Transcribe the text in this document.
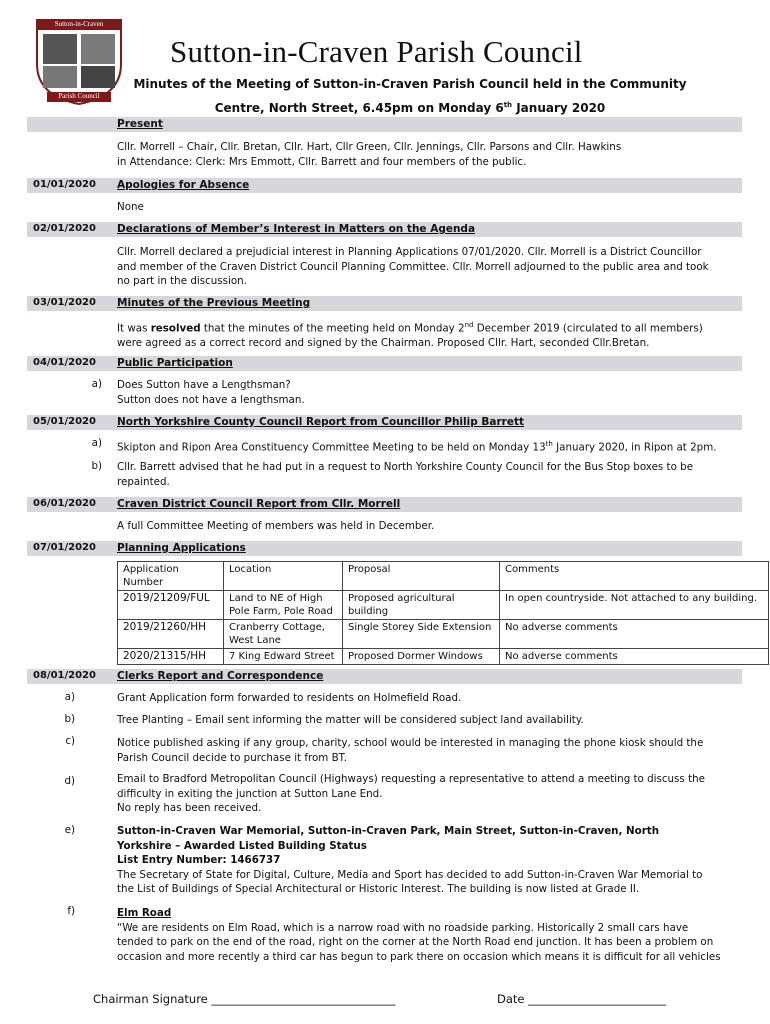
Sutton-in-Craven
Parish Council
Sutton-in-Craven Parish Council
Minutes of the Meeting of Sutton-in-Craven Parish Council held in the Community
Centre, North Street, 6.45pm on Monday 6th January 2020
Present
Cllr. Morrell – Chair, Cllr. Bretan, Cllr. Hart, Cllr Green, Cllr. Jennings, Cllr. Parsons and Cllr. Hawkins
in Attendance: Clerk: Mrs Emmott, Cllr. Barrett and four members of the public.
01/01/2020 Apologies for Absence
None
02/01/2020 Declarations of Member’s Interest in Matters on the Agenda
Cllr. Morrell declared a prejudicial interest in Planning Applications 07/01/2020. Cllr. Morrell is a District Councillor
and member of the Craven District Council Planning Committee. Cllr. Morrell adjourned to the public area and took
no part in the discussion.
03/01/2020 Minutes of the Previous Meeting
It was resolved that the minutes of the meeting held on Monday 2nd December 2019 (circulated to all members)
were agreed as a correct record and signed by the Chairman. Proposed Cllr. Hart, seconded Cllr.Bretan.
04/01/2020 Public Participation
a) Does Sutton have a Lengthsman?
Sutton does not have a lengthsman.
05/01/2020 North Yorkshire County Council Report from Councillor Philip Barrett
a) Skipton and Ripon Area Constituency Committee Meeting to be held on Monday 13th January 2020, in Ripon at 2pm.
b) Cllr. Barrett advised that he had put in a request to North Yorkshire County Council for the Bus Stop boxes to be
repainted.
06/01/2020 Craven District Council Report from Cllr. Morrell
A full Committee Meeting of members was held in December.
07/01/2020 Planning Applications
Application Number	Location	Proposal	Comments
2019/21209/FUL	Land to NE of High Pole Farm, Pole Road	Proposed agricultural building	In open countryside. Not attached to any building.
2019/21260/HH	Cranberry Cottage, West Lane	Single Storey Side Extension	No adverse comments
2020/21315/HH	7 King Edward Street	Proposed Dormer Windows	No adverse comments
08/01/2020 Clerks Report and Correspondence
a)	Grant Application form forwarded to residents on Holmefield Road.
b)	Tree Planting – Email sent informing the matter will be considered subject land availability.
c)	Notice published asking if any group, charity, school would be interested in managing the phone kiosk should the
Parish Council decide to purchase it from BT.
d)	Email to Bradford Metropolitan Council (Highways) requesting a representative to attend a meeting to discuss the
difficulty in exiting the junction at Sutton Lane End.
No reply has been received.
e)	Sutton-in-Craven War Memorial, Sutton-in-Craven Park, Main Street, Sutton-in-Craven, North
Yorkshire – Awarded Listed Building Status
List Entry Number: 1466737
The Secretary of State for Digital, Culture, Media and Sport has decided to add Sutton-in-Craven War Memorial to
the List of Buildings of Special Architectural or Historic Interest. The building is now listed at Grade II.
f)	Elm Road
“We are residents on Elm Road, which is a narrow road with no roadside parking. Historically 2 small cars have
tended to park on the end of the road, right on the corner at the North Road end junction. It has been a problem on
occasion and more recently a third car has begun to park there on occasion which means it is difficult for all vehicles
Chairman Signature ________________________________	Date ________________________
